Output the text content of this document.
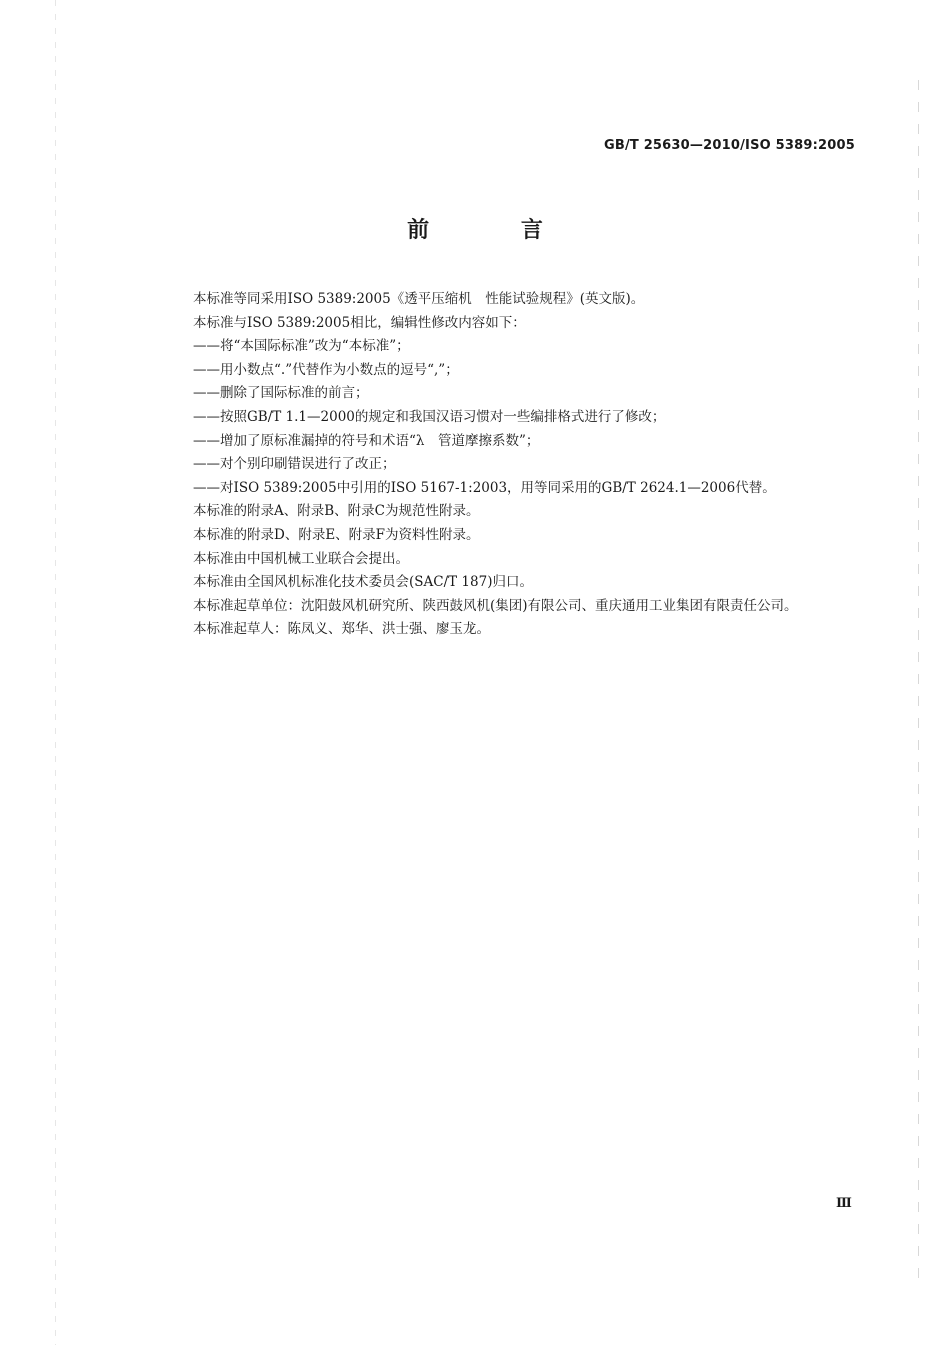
GB/T 25630—2010/ISO 5389:2005
前 言
本标准等同采用ISO 5389:2005《透平压缩机　性能试验规程》(英文版)。
本标准与ISO 5389:2005相比，编辑性修改内容如下：
——将“本国际标准”改为“本标准”；
——用小数点“.”代替作为小数点的逗号“,”；
——删除了国际标准的前言；
——按照GB/T 1.1—2000的规定和我国汉语习惯对一些编排格式进行了修改；
——增加了原标准漏掉的符号和术语“λ　管道摩擦系数”；
——对个别印刷错误进行了改正；
——对ISO 5389:2005中引用的ISO 5167-1:2003，用等同采用的GB/T 2624.1—2006代替。
本标准的附录A、附录B、附录C为规范性附录。
本标准的附录D、附录E、附录F为资料性附录。
本标准由中国机械工业联合会提出。
本标准由全国风机标准化技术委员会(SAC/T 187)归口。
本标准起草单位：沈阳鼓风机研究所、陕西鼓风机(集团)有限公司、重庆通用工业集团有限责任公司。
本标准起草人：陈凤义、郑华、洪士强、廖玉龙。
Ⅲ
